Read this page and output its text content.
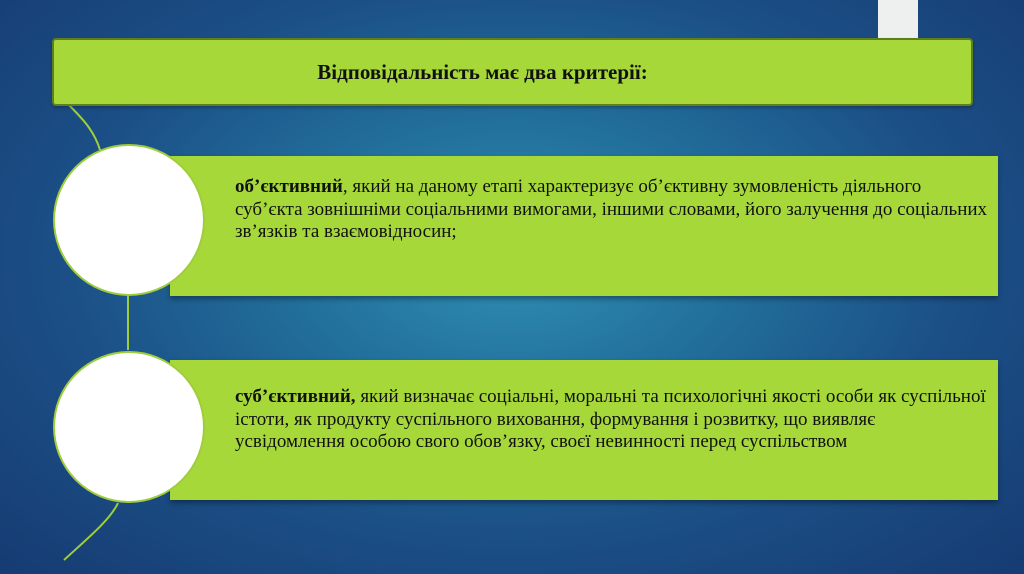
Відповідальність має два критерії:
об’єктивний, який на даному етапі характеризує об’єктивну зумовленість діяльного суб’єкта зовнішніми соціальними вимогами, іншими словами, його залучення до соціальних зв’язків та взаємовідносин;
суб’єктивний, який визначає соціальні, моральні та психологічні якості особи як суспільної істоти, як продукту суспільного виховання, формування і розвитку, що виявляє усвідомлення особою свого обов’язку, своєї невинності перед суспільством
